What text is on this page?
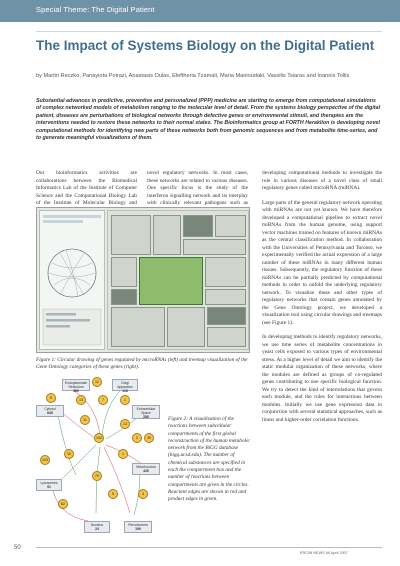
Special Theme: The Digital Patient
The Impact of Systems Biology on the Digital Patient
by Martin Reczko, Panayiota Poirazi, Anastasis Oulas, Eleftheria Tzamali, Maria Manioudaki, Vassilis Tsiaras and Ioannis Tollis
Substantial advances in predictive, preventive and personalized (PPP) medicine are starting to emerge from computational simulations of complex networked models of metabolism ranging to the molecular level of detail. From the systems biology perspective of the digital patient, diseases are perturbations of biological networks through defective genes or environmental stimuli, and therapies are the interventions needed to restore these networks to their normal states. The Bioinformatics group at FORTH Heraklion is developing novel computational methods for identifying new parts of these networks both from genomic sequences and from metabolite time-series, and to generate meaningful visualizations of them.

Our bioinformatics activities are collaborations between the Biomedical Informatics Lab of the Institute of Computer Science and the Computational Biology Lab of the Institute of Molecular Biology and

novel regulatory networks. In most cases, these networks are related to various diseases. One specific focus is the study of the interferon signalling network and its interplay with clinically relevant pathogens such as

developing computational methods to investigate the role in various diseases of a novel class of small regulatory genes called microRNA (miRNA).

Large parts of the general regulatory network operating with miRNAs are not yet known. We have therefore developed a computational pipeline to extract novel miRNAs from the human genome, using support vector machines trained on features of known miRNAs as the central classification method. In collaboration with the Universities of Pennsylvania and Toronto, we experimentally verified the actual expression of a large number of these miRNAs in many different human tissues. Subsequently, the regulatory function of these miRNAs can be partially predicted by computational methods in order to unfold the underlying regulatory network. To visualize these and other types of regulatory networks that contain genes annotated by the Gene Ontology project, we developed a visualization tool using circular drawings and treemaps (see Figure 1).

In developing methods to identify regulatory networks, we use time series of metabolite concentrations in yeast cells exposed to various types of environmental stress. At a higher level of detail we aim to identify the static modular organization of these networks, where the modules are defined as groups of co-regulated genes contributing to one specific biological function. We try to detect the kind of interrelations that govern each module, and the rules for interactions between modules. Initially we use gene expression data in conjunction with several statistical approaches, such as linear and higher-order correlation functions.

Figure 1: Circular drawing of genes regulated by microRNAs (left) and treemap visualization of the Gene Ontology categories of these genes (right).
Endoplasmatic Reticulum
380
Golgi Apparatus
118
Cytosol
845
Extracellular Space
288
Mitochondria
426
Nucleus
24
Lysosomes
91
Peroxisomes
199
12
5	13	7	1
11
102
13
103
1
10
79
62
5
2	35
4
Figure 2: A visualization of the reactions between subcellular compartments of the first global reconstruction of the human metabolic network from the BiGG database (bigg.ucsd.edu). The number of chemical substances are specified in each the compartment box and the number of reactions between compartments are given in the circles. Reactant edges are shown in red and product edges in green.
50
ERCIM NEWS 69 April 2007
